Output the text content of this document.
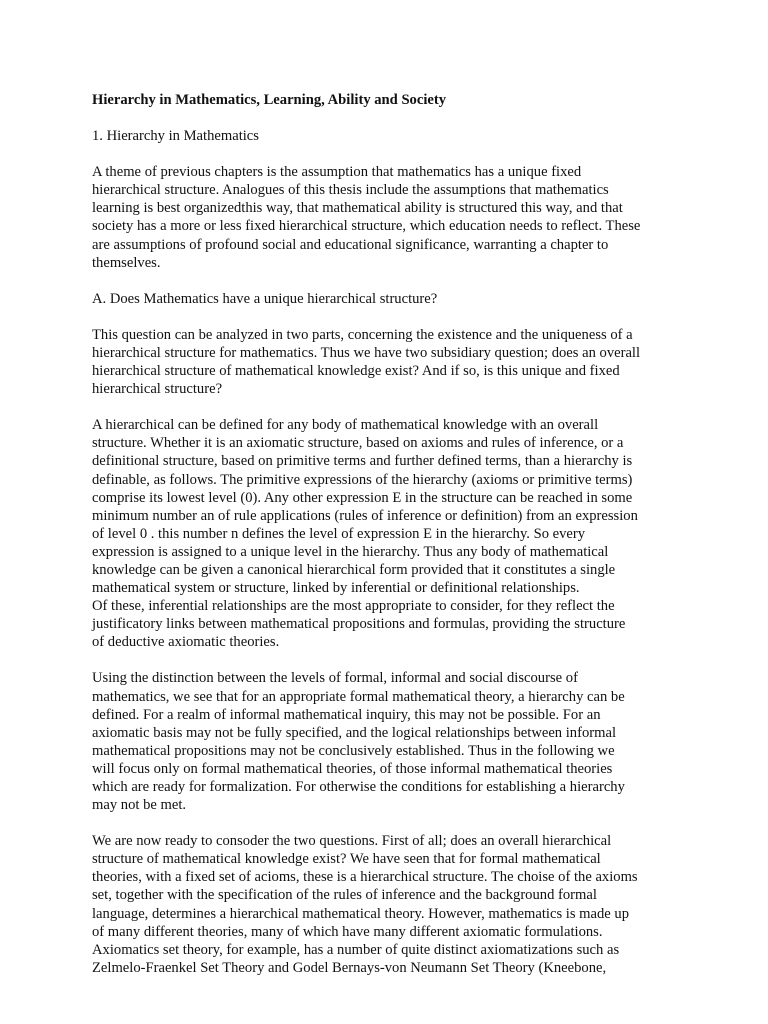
Hierarchy in Mathematics, Learning, Ability and Society
1. Hierarchy in Mathematics
A theme of previous chapters is the assumption that mathematics has a unique fixed
hierarchical structure. Analogues of this thesis include the assumptions that mathematics
learning is best organizedthis way, that mathematical ability is structured this way, and that
society has a more or less fixed hierarchical structure, which education needs to reflect. These
are assumptions of profound social and educational significance, warranting a chapter to
themselves.
A. Does Mathematics have a unique hierarchical structure?
This question can be analyzed in two parts, concerning the existence and the uniqueness of a
hierarchical structure for mathematics. Thus we have two subsidiary question; does an overall
hierarchical structure of mathematical knowledge exist? And if so, is this unique and fixed
hierarchical structure?
A hierarchical can be defined for any body of mathematical knowledge with an overall
structure. Whether it is an axiomatic structure, based on axioms and rules of inference, or a
definitional structure, based on primitive terms and further defined terms, than a hierarchy is
definable, as follows. The primitive expressions of the hierarchy (axioms or primitive terms)
comprise its lowest level (0). Any other expression E in the structure can be reached in some
minimum number an of rule applications (rules of inference or definition) from an expression
of level 0 . this number n defines the level of expression E in the hierarchy. So every
expression is assigned to a unique level in the hierarchy. Thus any body of mathematical
knowledge can be given a canonical hierarchical form provided that it constitutes a single
mathematical system or structure, linked by inferential or definitional relationships.
Of these, inferential relationships are the most appropriate to consider, for they reflect the
justificatory links between mathematical propositions and formulas, providing the structure
of deductive axiomatic theories.
Using the distinction between the levels of formal, informal and social discourse of
mathematics, we see that for an appropriate formal mathematical theory, a hierarchy can be
defined. For a realm of informal mathematical inquiry, this may not be possible. For an
axiomatic basis may not be fully specified, and the logical relationships between informal
mathematical propositions may not be conclusively established. Thus in the following we
will focus only on formal mathematical theories, of those informal mathematical theories
which are ready for formalization. For otherwise the conditions for establishing a hierarchy
may not be met.
We are now ready to consoder the two questions. First of all; does an overall hierarchical
structure of mathematical knowledge exist? We have seen that for formal mathematical
theories, with a fixed set of acioms, these is a hierarchical structure. The choise of the axioms
set, together with the specification of the rules of inference and the background formal
language, determines a hierarchical mathematical theory. However, mathematics is made up
of many different theories, many of which have many different axiomatic formulations.
Axiomatics set theory, for example, has a number of quite distinct axiomatizations such as
Zelmelo-Fraenkel Set Theory and Godel Bernays-von Neumann Set Theory (Kneebone,
